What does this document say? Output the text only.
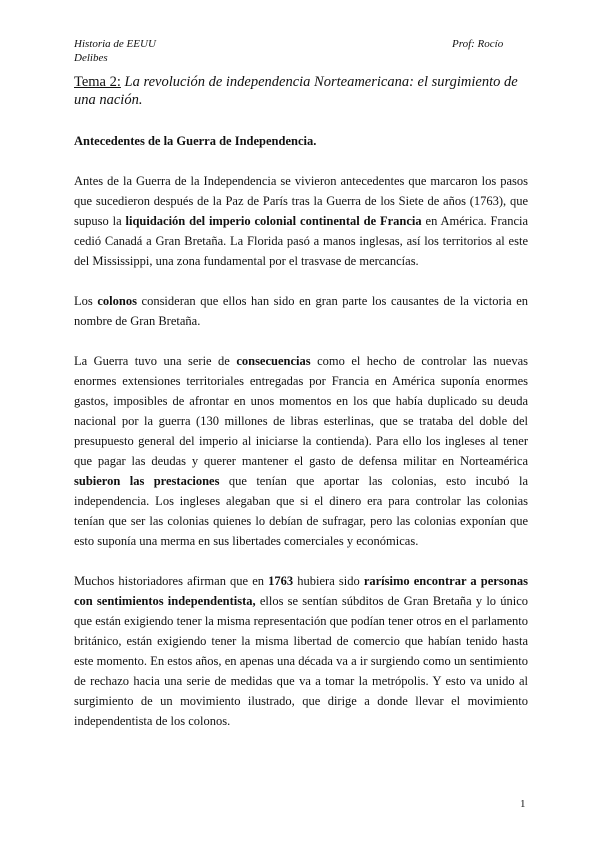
Historia de EEUU
Delibes
Prof: Rocío
Tema 2: La revolución de independencia Norteamericana: el surgimiento de una nación.
Antecedentes de la Guerra de Independencia.

Antes de la Guerra de la Independencia se vivieron antecedentes que marcaron los pasos que sucedieron después de la Paz de París tras la Guerra de los Siete de años (1763), que supuso la liquidación del imperio colonial continental de Francia en América. Francia cedió Canadá a Gran Bretaña. La Florida pasó a manos inglesas, así los territorios al este del Mississippi, una zona fundamental por el trasvase de mercancías.

Los colonos consideran que ellos han sido en gran parte los causantes de la victoria en nombre de Gran Bretaña.

La Guerra tuvo una serie de consecuencias como el hecho de controlar las nuevas enormes extensiones territoriales entregadas por Francia en América suponía enormes gastos, imposibles de afrontar en unos momentos en los que había duplicado su deuda nacional por la guerra (130 millones de libras esterlinas, que se trataba del doble del presupuesto general del imperio al iniciarse la contienda). Para ello los ingleses al tener que pagar las deudas y querer mantener el gasto de defensa militar en Norteamérica subieron las prestaciones que tenían que aportar las colonias, esto incubó la independencia. Los ingleses alegaban que si el dinero era para controlar las colonias tenían que ser las colonias quienes lo debían de sufragar, pero las colonias exponían que esto suponía una merma en sus libertades comerciales y económicas.

Muchos historiadores afirman que en 1763 hubiera sido rarísimo encontrar a personas con sentimientos independentista, ellos se sentían súbditos de Gran Bretaña y lo único que están exigiendo tener la misma representación que podían tener otros en el parlamento británico, están exigiendo tener la misma libertad de comercio que habían tenido hasta este momento. En estos años, en apenas una década va a ir surgiendo como un sentimiento de rechazo hacia una serie de medidas que va a tomar la metrópolis. Y esto va unido al surgimiento de un movimiento ilustrado, que dirige a donde llevar el movimiento independentista de los colonos.

1
